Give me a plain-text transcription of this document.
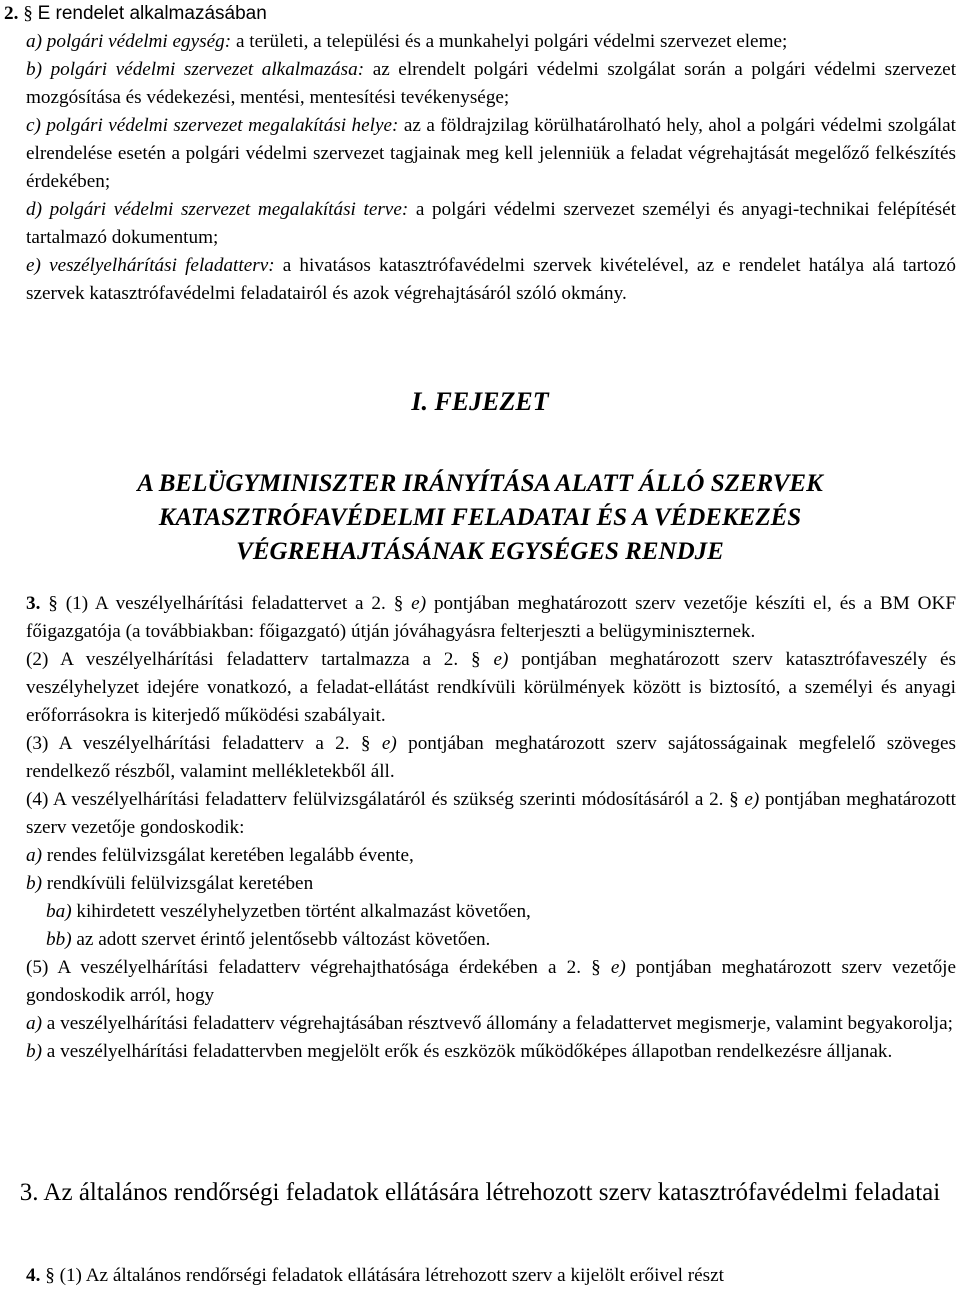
2. § E rendelet alkalmazásában

a) polgári védelmi egység: a területi, a települési és a munkahelyi polgári védelmi szervezet eleme;

b) polgári védelmi szervezet alkalmazása: az elrendelt polgári védelmi szolgálat során a polgári védelmi szervezet mozgósítása és védekezési, mentési, mentesítési tevékenysége;

c) polgári védelmi szervezet megalakítási helye: az a földrajzilag körülhatárolható hely, ahol a polgári védelmi szolgálat elrendelése esetén a polgári védelmi szervezet tagjainak meg kell jelenniük a feladat végrehajtását megelőző felkészítés érdekében;

d) polgári védelmi szervezet megalakítási terve: a polgári védelmi szervezet személyi és anyagi-technikai felépítését tartalmazó dokumentum;

e) veszélyelhárítási feladatterv: a hivatásos katasztrófavédelmi szervek kivételével, az e rendelet hatálya alá tartozó szervek katasztrófavédelmi feladatairól és azok végrehajtásáról szóló okmány.

I. FEJEZET
A BELÜGYMINISZTER IRÁNYÍTÁSA ALATT ÁLLÓ SZERVEK
KATASZTRÓFAVÉDELMI FELADATAI ÉS A VÉDEKEZÉS
VÉGREHAJTÁSÁNAK EGYSÉGES RENDJE

3. § (1) A veszélyelhárítási feladattervet a 2. § e) pontjában meghatározott szerv vezetője készíti el, és a BM OKF főigazgatója (a továbbiakban: főigazgató) útján jóváhagyásra felterjeszti a belügyminiszternek.

(2) A veszélyelhárítási feladatterv tartalmazza a 2. § e) pontjában meghatározott szerv katasztrófaveszély és veszélyhelyzet idejére vonatkozó, a feladat-ellátást rendkívüli körülmények között is biztosító, a személyi és anyagi erőforrásokra is kiterjedő működési szabályait.

(3) A veszélyelhárítási feladatterv a 2. § e) pontjában meghatározott szerv sajátosságainak megfelelő szöveges rendelkező részből, valamint mellékletekből áll.

(4) A veszélyelhárítási feladatterv felülvizsgálatáról és szükség szerinti módosításáról a 2. § e) pontjában meghatározott szerv vezetője gondoskodik:

a) rendes felülvizsgálat keretében legalább évente,

b) rendkívüli felülvizsgálat keretében

ba) kihirdetett veszélyhelyzetben történt alkalmazást követően,

bb) az adott szervet érintő jelentősebb változást követően.

(5) A veszélyelhárítási feladatterv végrehajthatósága érdekében a 2. § e) pontjában meghatározott szerv vezetője gondoskodik arról, hogy

a) a veszélyelhárítási feladatterv végrehajtásában résztvevő állomány a feladattervet megismerje, valamint begyakorolja;

b) a veszélyelhárítási feladattervben megjelölt erők és eszközök működőképes állapotban rendelkezésre álljanak.

3. Az általános rendőrségi feladatok ellátására létrehozott szerv katasztrófavédelmi feladatai

4. § (1) Az általános rendőrségi feladatok ellátására létrehozott szerv a kijelölt erőivel részt
